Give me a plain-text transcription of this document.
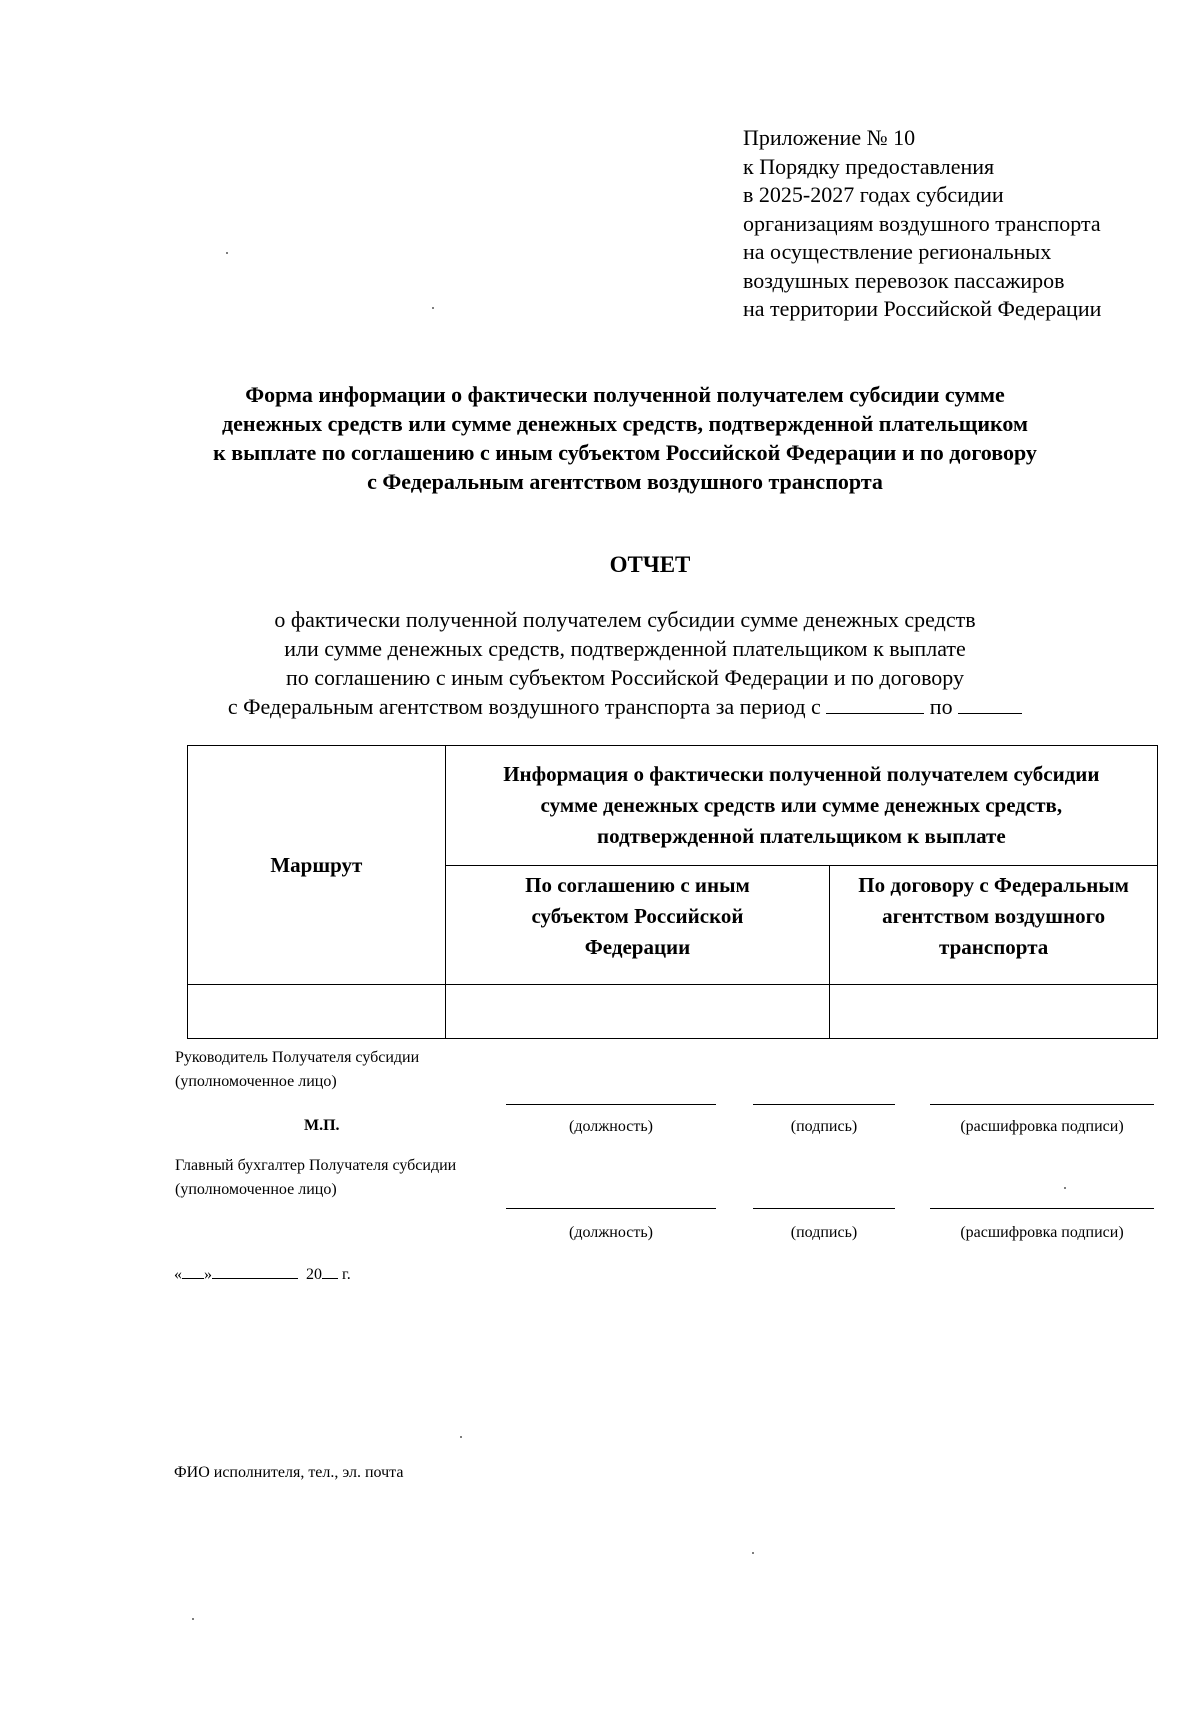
Приложение № 10
к Порядку предоставления
в 2025-2027 годах субсидии
организациям воздушного транспорта
на осуществление региональных
воздушных перевозок пассажиров
на территории Российской Федерации
Форма информации о фактически полученной получателем субсидии сумме
денежных средств или сумме денежных средств, подтвержденной плательщиком
к выплате по соглашению с иным субъектом Российской Федерации и по договору
с Федеральным агентством воздушного транспорта
ОТЧЕТ
о фактически полученной получателем субсидии сумме денежных средств
или сумме денежных средств, подтвержденной плательщиком к выплате
по соглашению с иным субъектом Российской Федерации и по договору
с Федеральным агентством воздушного транспорта за период с	по
Маршрут	Информация о фактически полученной получателем субсидии сумме денежных средств или сумме денежных средств, подтвержденной плательщиком к выплате	
	По соглашению с иным субъектом Российской Федерации	По договору с Федеральным агентством воздушного транспорта

Руководитель Получателя субсидии
(уполномоченное лицо)
М.П.	(должность)	(подпись)	(расшифровка подписи)
Главный бухгалтер Получателя субсидии
(уполномоченное лицо)
(должность)	(подпись)	(расшифровка подписи)
« »	20 г.
ФИО исполнителя, тел., эл. почта
